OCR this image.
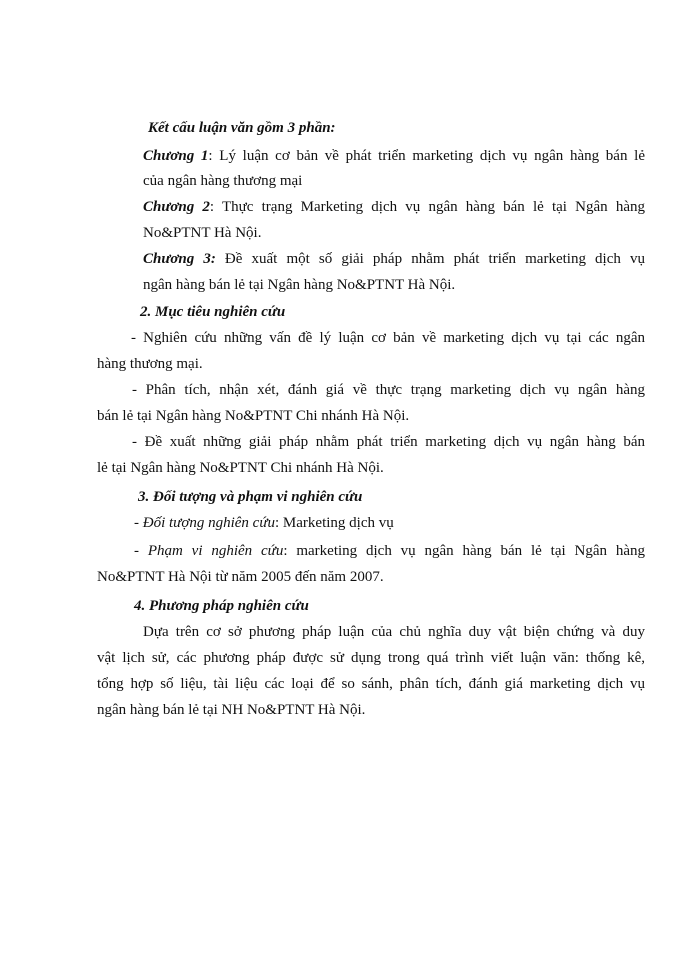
Kết cấu luận văn gồm 3 phần:
Chương 1: Lý luận cơ bản về phát triển marketing dịch vụ ngân hàng bán lẻ
của ngân hàng thương mại
Chương 2: Thực trạng Marketing dịch vụ ngân hàng bán lẻ tại Ngân hàng
No&PTNT Hà Nội.
Chương 3: Đề xuất một số giải pháp nhằm phát triển marketing dịch vụ
ngân hàng bán lẻ tại Ngân hàng No&PTNT Hà Nội.
2. Mục tiêu nghiên cứu
- Nghiên cứu những vấn đề lý luận cơ bản về marketing dịch vụ tại các ngân
hàng thương mại.
- Phân tích, nhận xét, đánh giá về thực trạng marketing dịch vụ ngân hàng
bán lẻ tại Ngân hàng No&PTNT Chi nhánh Hà Nội.
- Đề xuất những giải pháp nhằm phát triển marketing dịch vụ ngân hàng bán
lẻ tại Ngân hàng No&PTNT Chi nhánh Hà Nội.
3. Đối tượng và phạm vi nghiên cứu
- Đối tượng nghiên cứu: Marketing dịch vụ
- Phạm vi nghiên cứu: marketing dịch vụ ngân hàng bán lẻ tại Ngân hàng
No&PTNT Hà Nội từ năm 2005 đến năm 2007.
4. Phương pháp nghiên cứu
Dựa trên cơ sở phương pháp luận của chủ nghĩa duy vật biện chứng và duy
vật lịch sử, các phương pháp được sử dụng trong quá trình viết luận văn: thống kê,
tổng hợp số liệu, tài liệu các loại để so sánh, phân tích, đánh giá marketing dịch vụ
ngân hàng bán lẻ tại NH No&PTNT Hà Nội.
